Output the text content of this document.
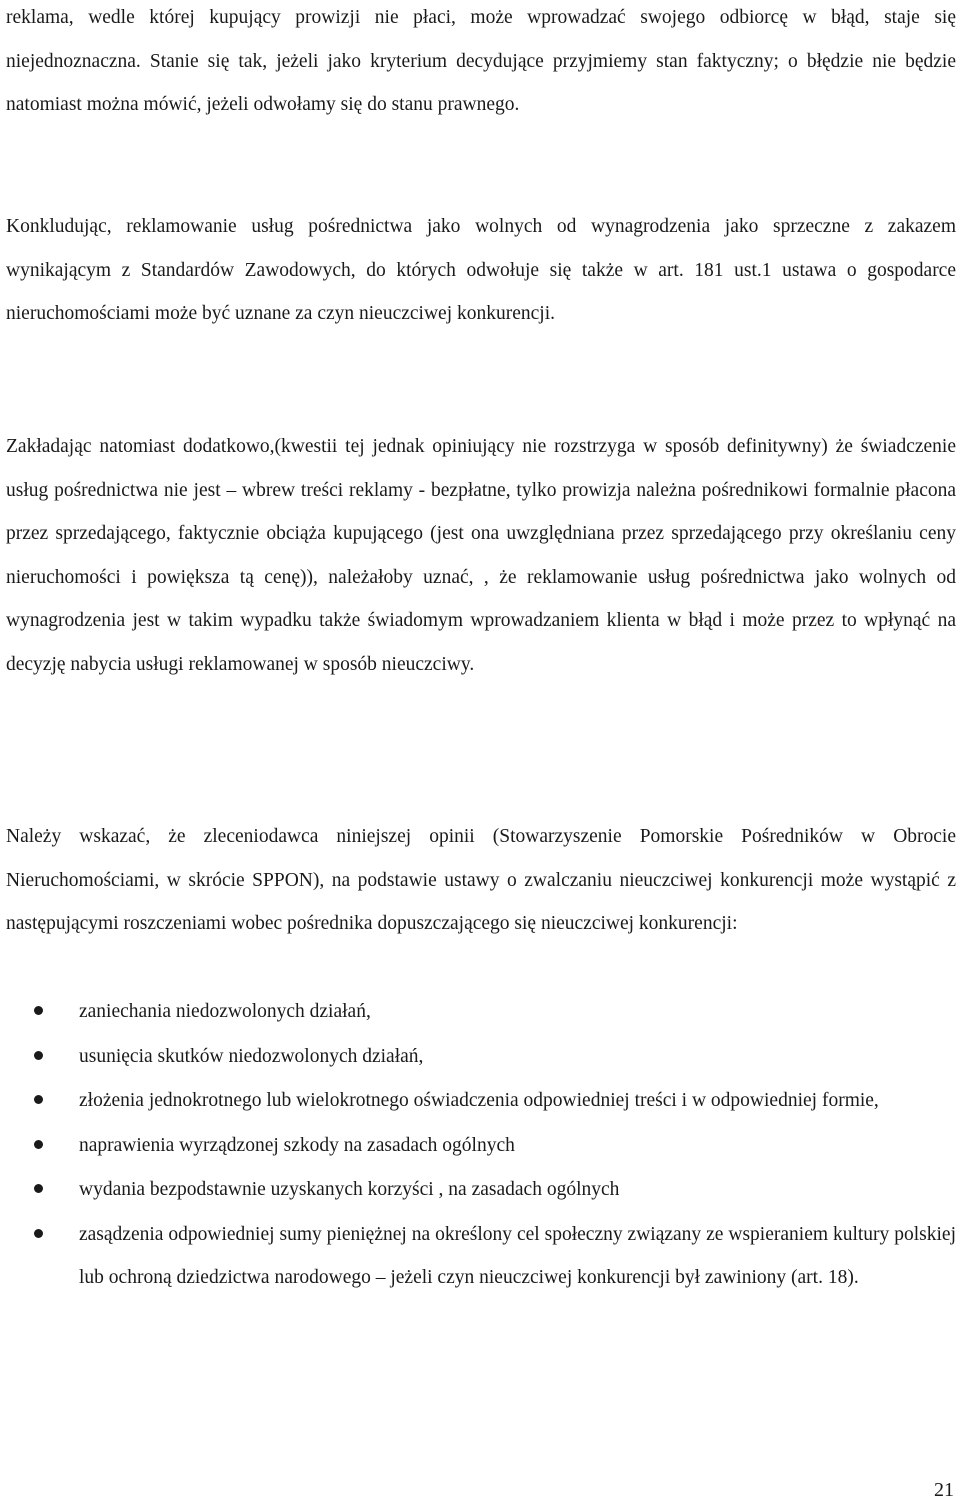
reklama, wedle której kupujący prowizji nie płaci, może wprowadzać swojego odbiorcę w błąd, staje się niejednoznaczna. Stanie się tak, jeżeli jako kryterium decydujące przyjmiemy stan faktyczny; o błędzie nie będzie natomiast można mówić, jeżeli odwołamy się do stanu prawnego.

Konkludując, reklamowanie usług pośrednictwa jako wolnych od wynagrodzenia jako sprzeczne z zakazem wynikającym z Standardów Zawodowych, do których odwołuje się także w art. 181 ust.1 ustawa o gospodarce nieruchomościami może być uznane za czyn nieuczciwej konkurencji.

Zakładając natomiast dodatkowo,(kwestii tej jednak opiniujący nie rozstrzyga w sposób definitywny) że świadczenie usług pośrednictwa nie jest – wbrew treści reklamy - bezpłatne, tylko prowizja należna pośrednikowi formalnie płacona przez sprzedającego, faktycznie obciąża kupującego (jest ona uwzględniana przez sprzedającego przy określaniu ceny nieruchomości i powiększa tą cenę)), należałoby uznać, , że reklamowanie usług pośrednictwa jako wolnych od wynagrodzenia jest w takim wypadku także świadomym wprowadzaniem klienta w błąd i może przez to wpłynąć na decyzję nabycia usługi reklamowanej w sposób nieuczciwy.

Należy wskazać, że zleceniodawca niniejszej opinii (Stowarzyszenie Pomorskie Pośredników w Obrocie Nieruchomościami, w skrócie SPPON), na podstawie ustawy o zwalczaniu nieuczciwej konkurencji może wystąpić z następującymi roszczeniami wobec pośrednika dopuszczającego się nieuczciwej konkurencji:

zaniechania niedozwolonych działań,
usunięcia skutków niedozwolonych działań,
złożenia jednokrotnego lub wielokrotnego oświadczenia odpowiedniej treści i w odpowiedniej formie,
naprawienia wyrządzonej szkody na zasadach ogólnych
wydania bezpodstawnie uzyskanych korzyści , na zasadach ogólnych
zasądzenia odpowiedniej sumy pieniężnej na określony cel społeczny związany ze wspieraniem kultury polskiej lub ochroną dziedzictwa narodowego – jeżeli czyn nieuczciwej konkurencji był zawiniony (art. 18).
21
